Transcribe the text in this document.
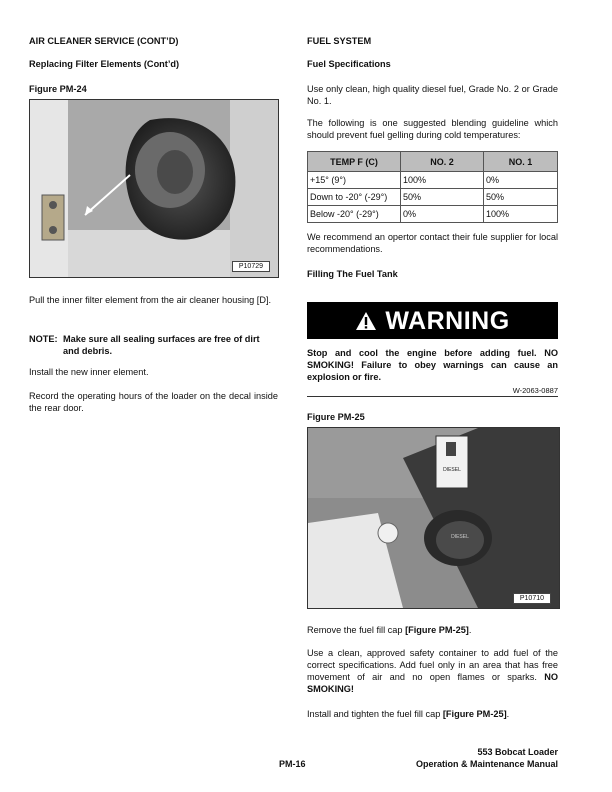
AIR CLEANER SERVICE (CONT’D)
Replacing Filter Elements (Cont’d)
Figure PM-24
P10729

Pull the inner filter element from the air cleaner housing [D].

NOTE: Make sure all sealing surfaces are free of dirt and debris.

Install the new inner element.

Record the operating hours of the loader on the decal inside the rear door.

FUEL SYSTEM
Fuel Specifications

Use only clean, high quality diesel fuel, Grade No. 2 or Grade No. 1.

The following is one suggested blending guideline which should prevent fuel gelling during cold temperatures:

TEMP F (C)	NO. 2	NO. 1
+15° (9°)	100%	0%
Down to -20° (-29°)	50%	50%
Below -20° (-29°)	0%	100%

We recommend an opertor contact their fule supplier for local recommendations.

Filling The Fuel Tank
WARNING

Stop and cool the engine before adding fuel. NO SMOKING! Failure to obey warnings can cause an explosion or fire.

W-2063-0887
Figure PM-25
DIESEL
DIESEL
P10710

Remove the fuel fill cap [Figure PM-25].

Use a clean, approved safety container to add fuel of the correct specifications. Add fuel only in an area that has free movement of air and no open flames or sparks. NO SMOKING!

Install and tighten the fuel fill cap [Figure PM-25].

PM-16
553 Bobcat Loader
Operation & Maintenance Manual
